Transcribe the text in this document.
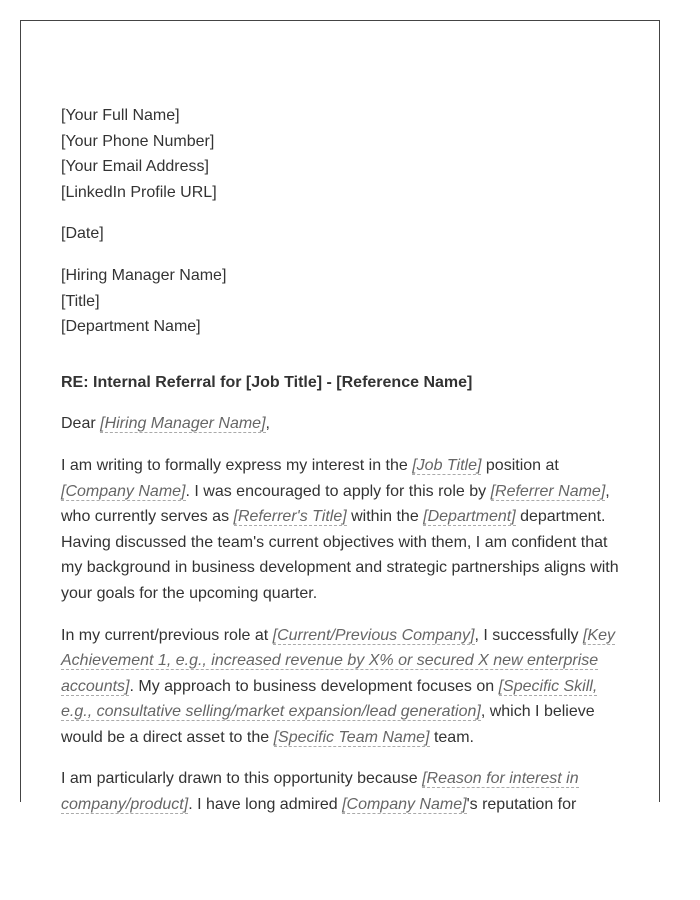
[Your Full Name]
[Your Phone Number]
[Your Email Address]
[LinkedIn Profile URL]
[Date]
[Hiring Manager Name]
[Title]
[Department Name]
RE: Internal Referral for [Job Title] - [Reference Name]
Dear [Hiring Manager Name],
I am writing to formally express my interest in the [Job Title] position at [Company Name]. I was encouraged to apply for this role by [Referrer Name], who currently serves as [Referrer's Title] within the [Department] department. Having discussed the team's current objectives with them, I am confident that my background in business development and strategic partnerships aligns with your goals for the upcoming quarter.
In my current/previous role at [Current/Previous Company], I successfully [Key Achievement 1, e.g., increased revenue by X% or secured X new enterprise accounts]. My approach to business development focuses on [Specific Skill, e.g., consultative selling/market expansion/lead generation], which I believe would be a direct asset to the [Specific Team Name] team.
I am particularly drawn to this opportunity because [Reason for interest in company/product]. I have long admired [Company Name]'s reputation for
